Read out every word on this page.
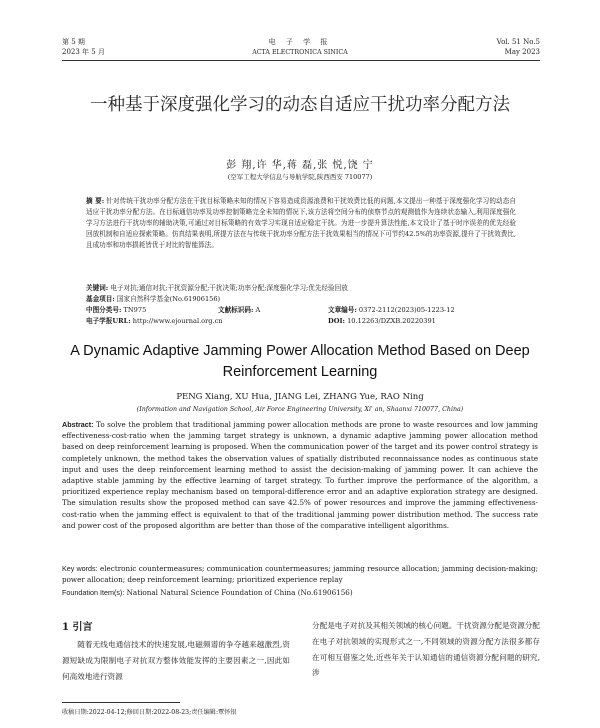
第 5 期
2023 年 5 月
电 子 学 报
ACTA ELECTRONICA SINICA
Vol. 51 No.5
May 2023
一种基于深度强化学习的动态自适应干扰功率分配方法
彭 翔,许 华,蒋 磊,张 悦,饶 宁
(空军工程大学信息与导航学院,陕西西安 710077)
摘 要: 针对传统干扰功率分配方法在干扰目标策略未知的情况下容易造成资源浪费和干扰效费比低的问题,本文提出一种基于深度强化学习的动态自适应干扰功率分配方法。在目标通信功率及功率控制策略完全未知的情况下,该方法将空间分布的侦察节点的观测值作为连续状态输入,利用深度强化学习方法进行干扰功率的辅助决策,可通过对目标策略的有效学习实现自适应稳定干扰。为进一步提升算法性能,本文设计了基于时序误差的优先经验回放机制和自适应探索策略。仿真结果表明,所提方法在与传统干扰功率分配方法干扰效果相当的情况下可节约42.5%的功率资源,提升了干扰效费比,且成功率和功率损耗皆优于对比的智能算法。
关键词: 电子对抗;通信对抗;干扰资源分配;干扰决策;功率分配;深度强化学习;优先经验回放
基金项目: 国家自然科学基金(No.61906156)
中图分类号: TN975	文献标识码: A	文章编号: 0372-2112(2023)05-1223-12
电子学报URL: http://www.ejournal.org.cn	DOI: 10.12263/DZXB.20220391
A Dynamic Adaptive Jamming Power Allocation Method Based on Deep Reinforcement Learning
PENG Xiang, XU Hua, JIANG Lei, ZHANG Yue, RAO Ning
(Information and Navigation School, Air Force Engineering University, Xi' an, Shaanxi 710077, China)
Abstract: To solve the problem that traditional jamming power allocation methods are prone to waste resources and low jamming effectiveness-cost-ratio when the jamming target strategy is unknown, a dynamic adaptive jamming power allocation method based on deep reinforcement learning is proposed. When the communication power of the target and its power control strategy is completely unknown, the method takes the observation values of spatially distributed reconnaissance nodes as continuous state input and uses the deep reinforcement learning method to assist the decision-making of jamming power. It can achieve the adaptive stable jamming by the effective learning of target strategy. To further improve the performance of the algorithm, a prioritized experience replay mechanism based on temporal-difference error and an adaptive exploration strategy are designed. The simulation results show the proposed method can save 42.5% of power resources and improve the jamming effectiveness-cost-ratio when the jamming effect is equivalent to that of the traditional jamming power distribution method. The success rate and power cost of the proposed algorithm are better than those of the comparative intelligent algorithms.
Key words: electronic countermeasures; communication countermeasures; jamming resource allocation; jamming decision-making; power allocation; deep reinforcement learning; prioritized experience replay
Foundation Item(s): National Natural Science Foundation of China (No.61906156)
1 引言
随着无线电通信技术的快速发展,电磁频谱的争夺越来越激烈,资源短缺成为限制电子对抗双方整体效能发挥的主要因素之一,因此如何高效地进行资源
分配是电子对抗及其相关领域的核心问题。干扰资源分配是资源分配在电子对抗领域的实现形式之一,不同领域的资源分配方法很多都存在可相互借鉴之处,近些年关于认知通信的通信资源分配问题的研究,涉
收稿日期:2022-04-12;修回日期:2022-08-23;责任编辑:覃怀银
